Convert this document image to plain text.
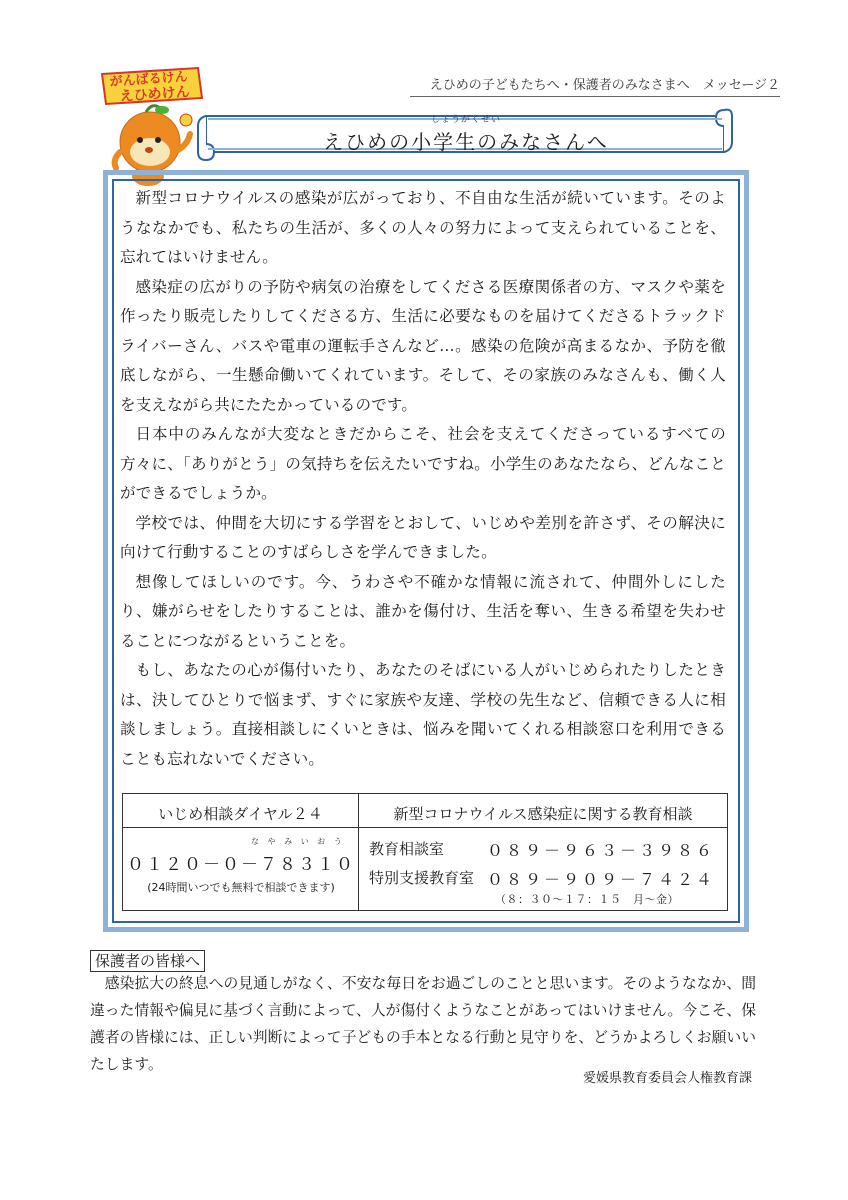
えひめの子どもたちへ・保護者のみなさまへ　メッセージ２
がんばるけん
えひめけん
しょうがくせい
えひめの小学生のみなさんへ

新型コロナウイルスの感染が広がっており、不自由な生活が続いています。そのようななかでも、私たちの生活が、多くの人々の努力によって支えられていることを、忘れてはいけません。

感染症の広がりの予防や病気の治療をしてくださる医療関係者の方、マスクや薬を作ったり販売したりしてくださる方、生活に必要なものを届けてくださるトラックドライバーさん、バスや電車の運転手さんなど…。感染の危険が高まるなか、予防を徹底しながら、一生懸命働いてくれています。そして、その家族のみなさんも、働く人を支えながら共にたたかっているのです。

日本中のみんなが大変なときだからこそ、社会を支えてくださっているすべての方々に、「ありがとう」の気持ちを伝えたいですね。小学生のあなたなら、どんなことができるでしょうか。

学校では、仲間を大切にする学習をとおして、いじめや差別を許さず、その解決に向けて行動することのすばらしさを学んできました。

想像してほしいのです。今、うわさや不確かな情報に流されて、仲間外しにしたり、嫌がらせをしたりすることは、誰かを傷付け、生活を奪い、生きる希望を失わせることにつながるということを。

もし、あなたの心が傷付いたり、あなたのそばにいる人がいじめられたりしたときは、決してひとりで悩まず、すぐに家族や友達、学校の先生など、信頼できる人に相談しましょう。直接相談しにくいときは、悩みを聞いてくれる相談窓口を利用できることも忘れないでください。

いじめ相談ダイヤル２４	新型コロナウイルス感染症に関する教育相談
な や み い お う
０１２０－０－７８３１０
(24時間いつでも無料で相談できます)
教育相談室	０８９－９６３－３９８６
特別支援教育室 ０８９－９０９－７４２４
（８：３０～１７：１５　月～金）
保護者の皆様へ

感染拡大の終息への見通しがなく、不安な毎日をお過ごしのことと思います。そのようななか、間違った情報や偏見に基づく言動によって、人が傷付くようなことがあってはいけません。今こそ、保護者の皆様には、正しい判断によって子どもの手本となる行動と見守りを、どうかよろしくお願いいたします。

愛媛県教育委員会人権教育課
